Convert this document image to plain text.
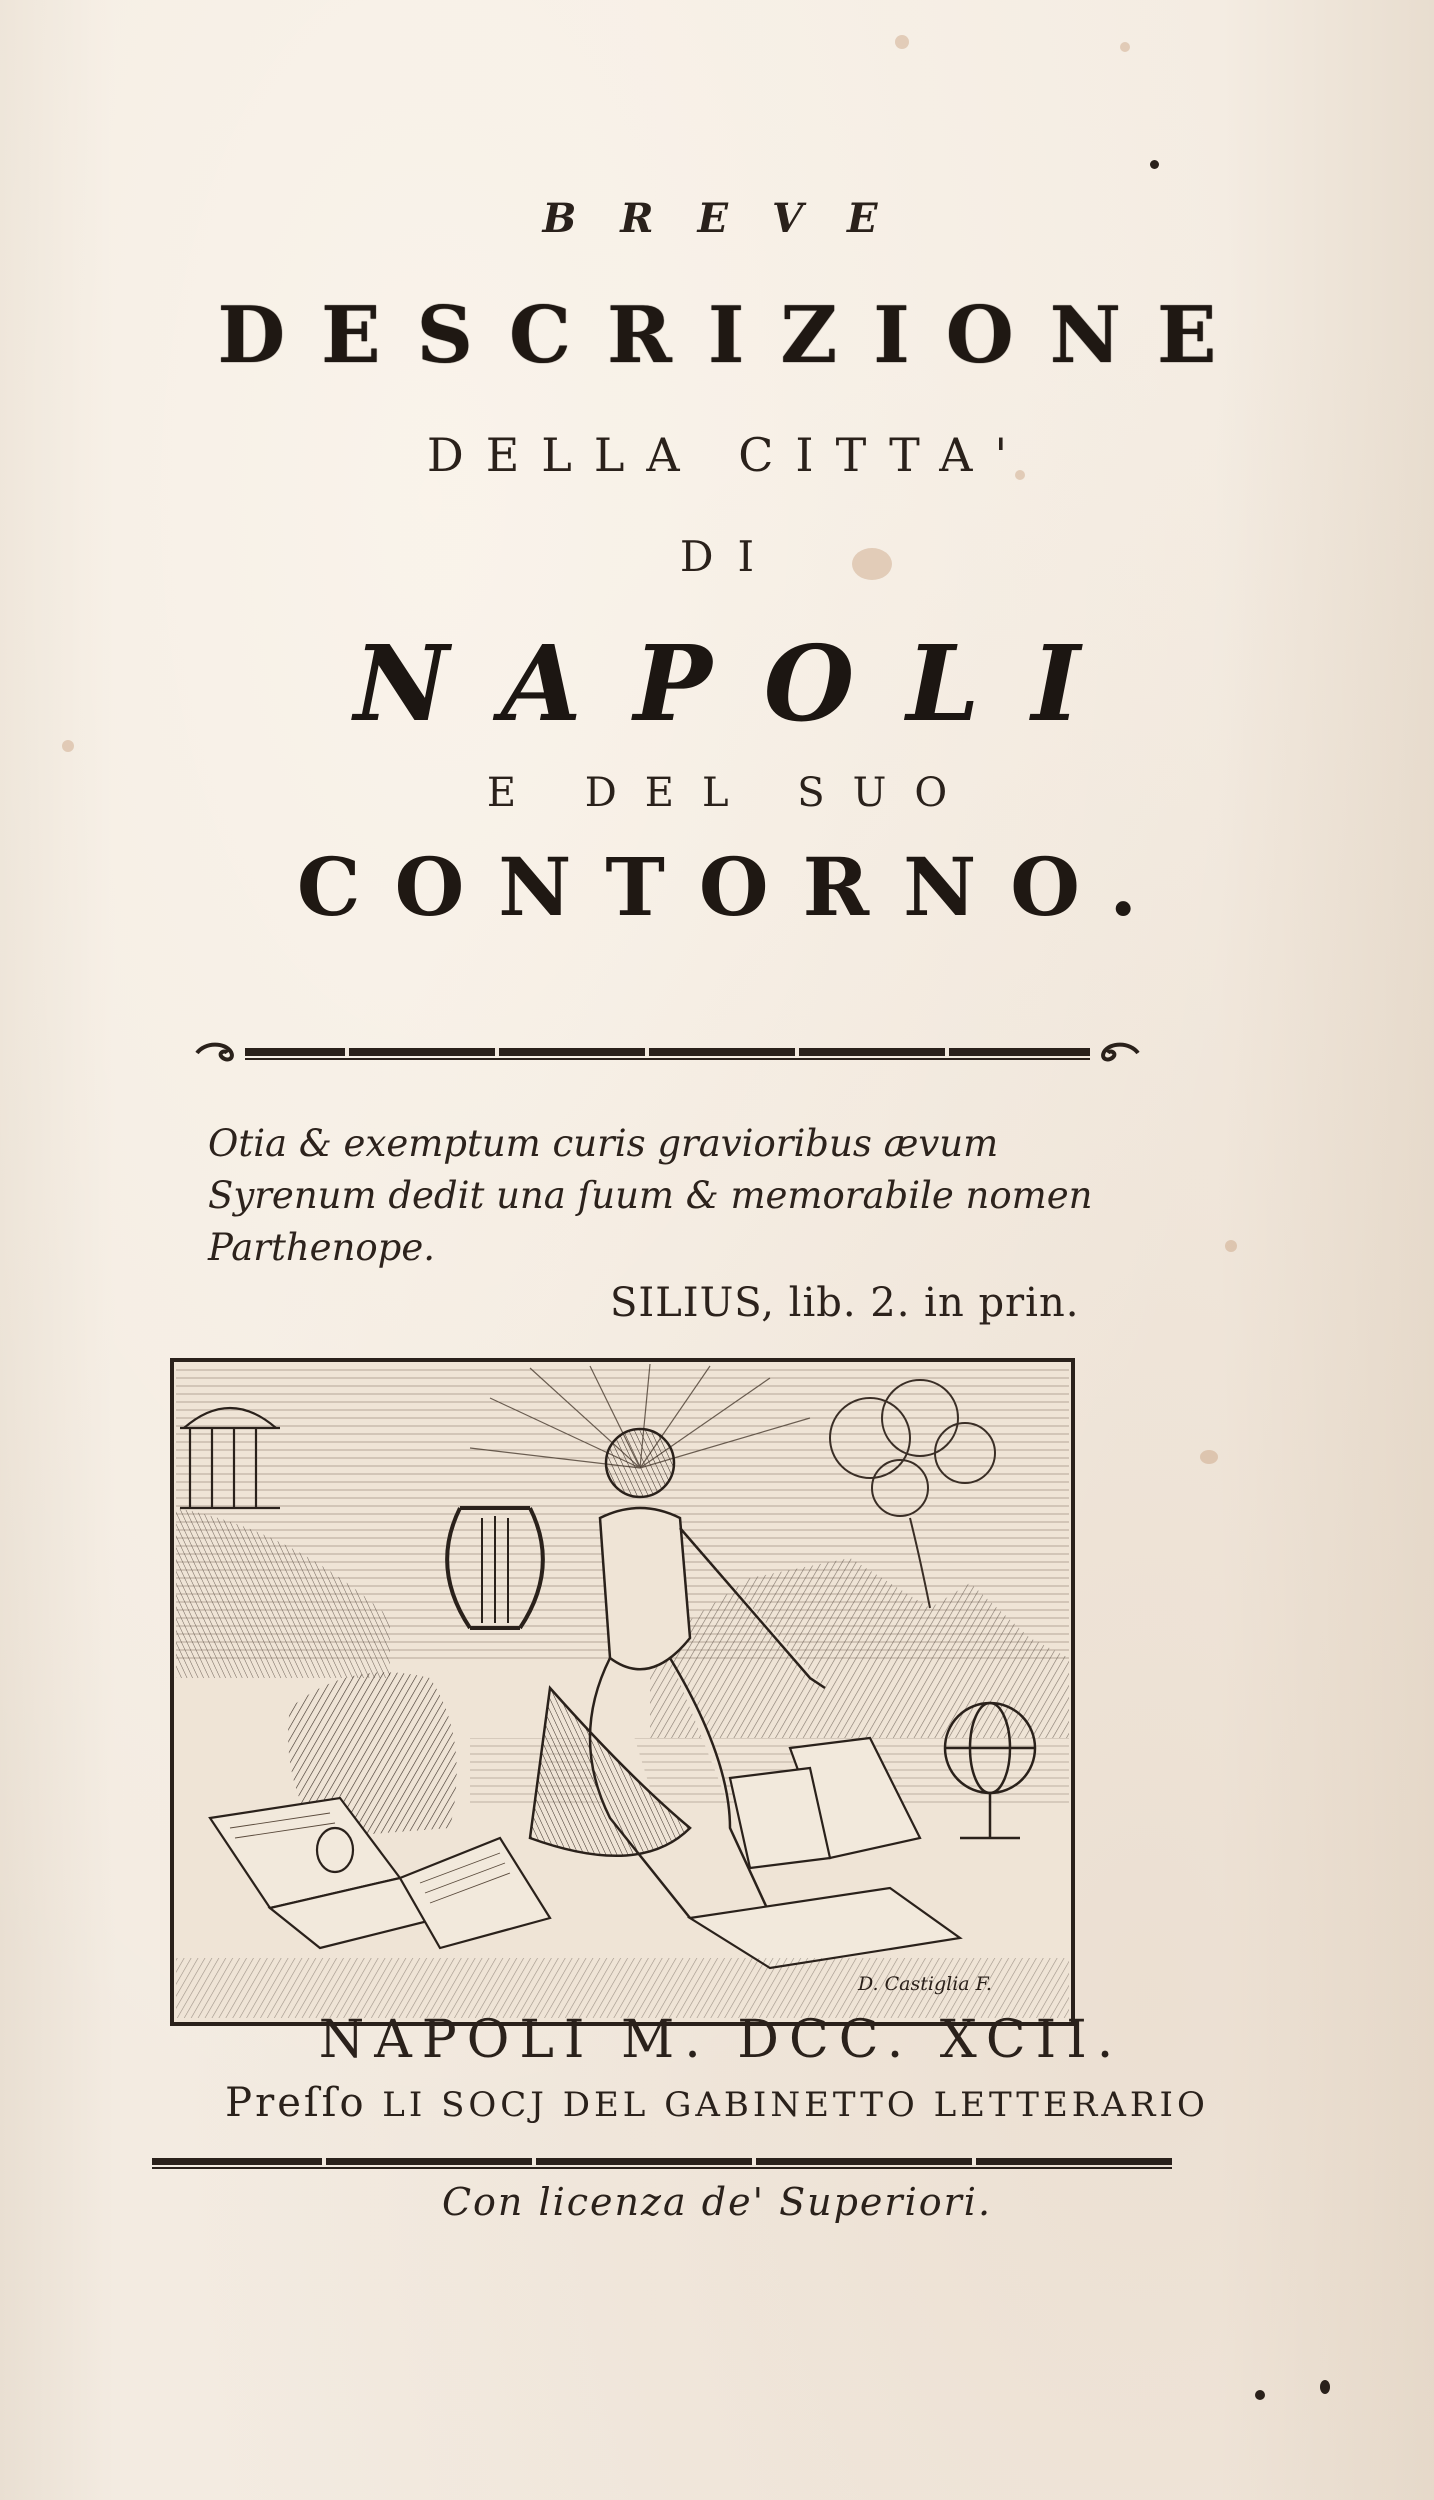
BREVE
DESCRIZIONE
DELLA CITTA'
DI
NAPOLI
E DEL SUO
CONTORNO.
Otia & exemptum curis gravioribus ævum
Syrenum dedit una ſuum & memorabile nomen
Parthenope.
SILIUS, lib. 2. in prin.
D. Castiglia F.
NAPOLI M. DCC. XCII.
Preſſo LI SOCJ DEL GABINETTO LETTERARIO
Con licenza de' Superiori.
